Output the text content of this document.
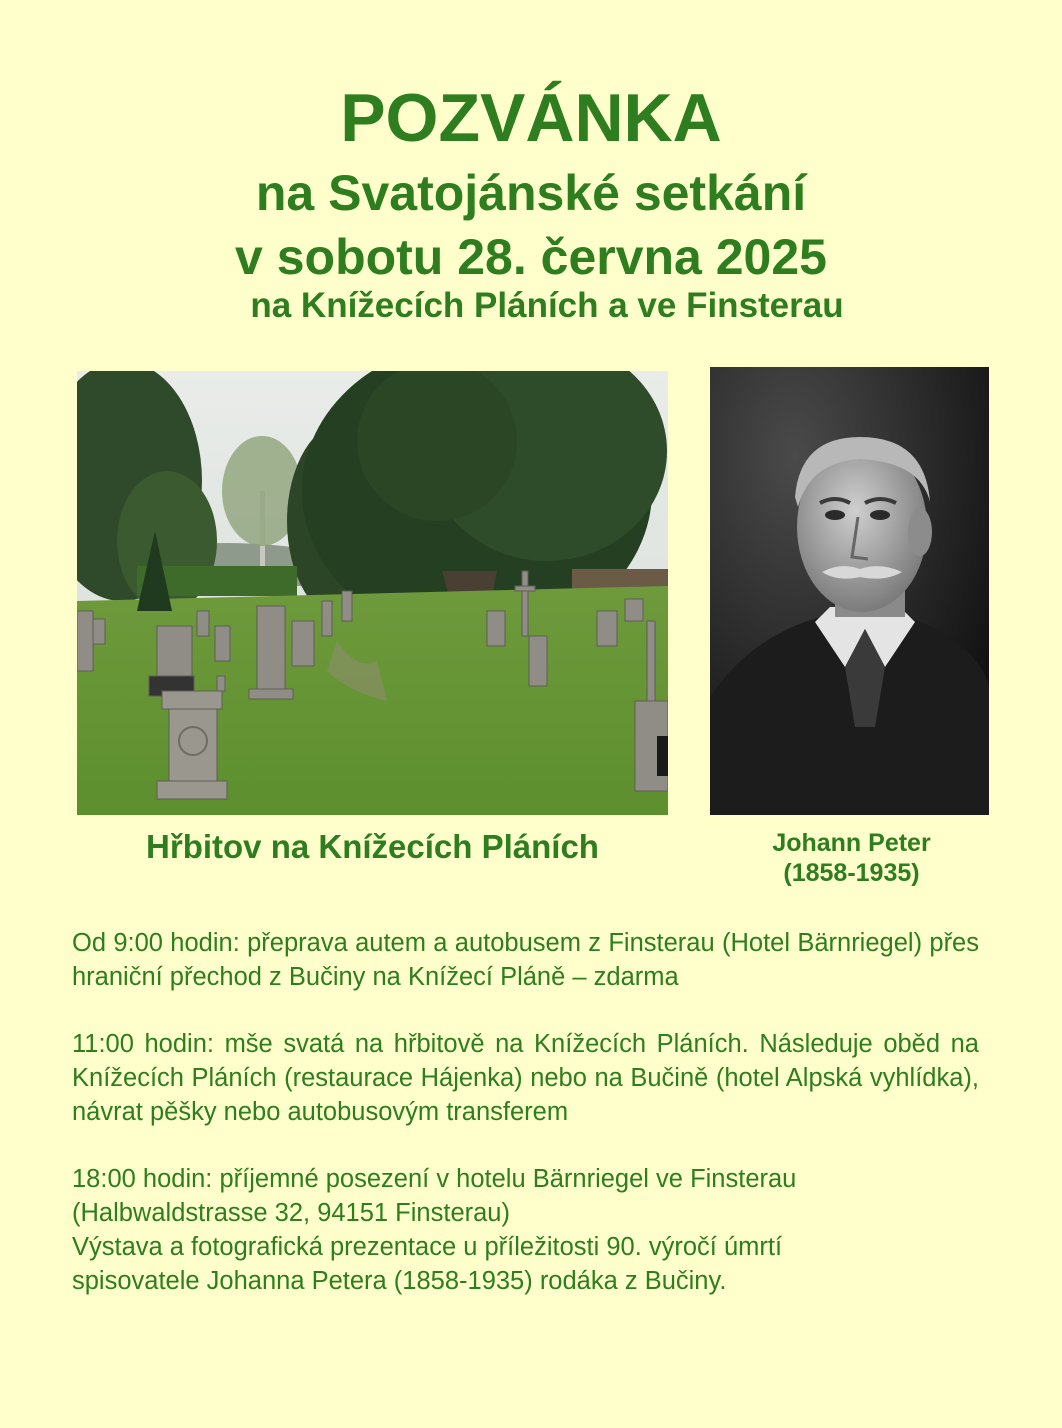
POZVÁNKA
na Svatojánské setkání
v sobotu 28. června 2025
na Knížecích Pláních a ve Finsterau
Hřbitov na Knížecích Pláních	Johann Peter
(1858-1935)

Od 9:00 hodin: přeprava autem a autobusem z Finsterau (Hotel Bärnriegel) přes hraniční přechod z Bučiny na Knížecí Pláně – zdarma

11:00 hodin: mše svatá na hřbitově na Knížecích Pláních. Následuje oběd na Knížecích Pláních (restaurace Hájenka) nebo na Bučině (hotel Alpská vyhlídka), návrat pěšky nebo autobusovým transferem

18:00 hodin: příjemné posezení v hotelu Bärnriegel ve Finsterau
(Halbwaldstrasse 32, 94151 Finsterau)
Výstava a fotografická prezentace u příležitosti 90. výročí úmrtí
spisovatele Johanna Petera (1858-1935) rodáka z Bučiny.
